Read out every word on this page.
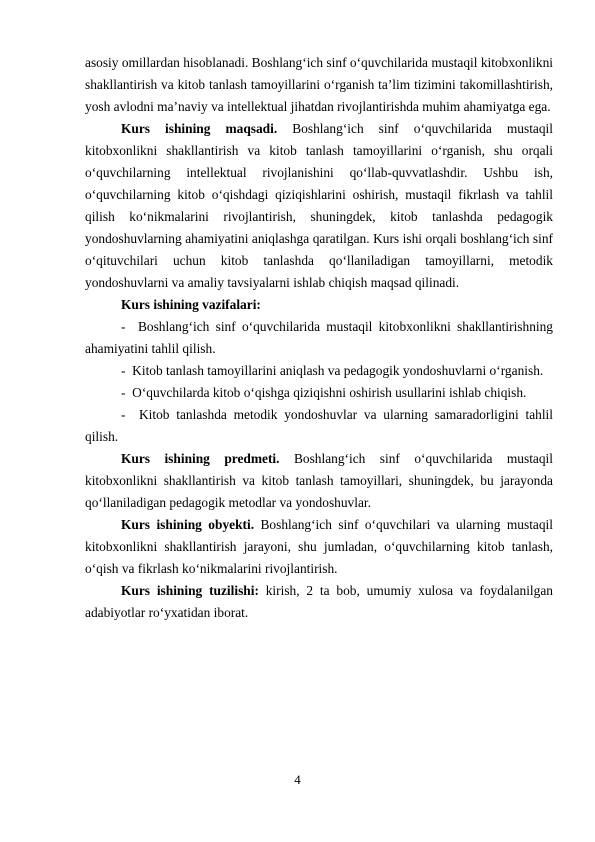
asosiy omillardan hisoblanadi. Boshlang‘ich sinf o‘quvchilarida mustaqil kitobxonlikni shakllantirish va kitob tanlash tamoyillarini o‘rganish ta’lim tizimini takomillashtirish, yosh avlodni ma’naviy va intellektual jihatdan rivojlantirishda muhim ahamiyatga ega.

Kurs ishining maqsadi. Boshlang‘ich sinf o‘quvchilarida mustaqil kitobxonlikni shakllantirish va kitob tanlash tamoyillarini o‘rganish, shu orqali o‘quvchilarning intellektual rivojlanishini qo‘llab-quvvatlashdir. Ushbu ish, o‘quvchilarning kitob o‘qishdagi qiziqishlarini oshirish, mustaqil fikrlash va tahlil qilish ko‘nikmalarini rivojlantirish, shuningdek, kitob tanlashda pedagogik yondoshuvlarning ahamiyatini aniqlashga qaratilgan. Kurs ishi orqali boshlang‘ich sinf o‘qituvchilari uchun kitob tanlashda qo‘llaniladigan tamoyillarni, metodik yondoshuvlarni va amaliy tavsiyalarni ishlab chiqish maqsad qilinadi.

Kurs ishining vazifalari:

- Boshlang‘ich sinf o‘quvchilarida mustaqil kitobxonlikni shakllantirishning ahamiyatini tahlil qilish.

- Kitob tanlash tamoyillarini aniqlash va pedagogik yondoshuvlarni o‘rganish.

- O‘quvchilarda kitob o‘qishga qiziqishni oshirish usullarini ishlab chiqish.

- Kitob tanlashda metodik yondoshuvlar va ularning samaradorligini tahlil qilish.

Kurs ishining predmeti. Boshlang‘ich sinf o‘quvchilarida mustaqil kitobxonlikni shakllantirish va kitob tanlash tamoyillari, shuningdek, bu jarayonda qo‘llaniladigan pedagogik metodlar va yondoshuvlar.

Kurs ishining obyekti. Boshlang‘ich sinf o‘quvchilari va ularning mustaqil kitobxonlikni shakllantirish jarayoni, shu jumladan, o‘quvchilarning kitob tanlash, o‘qish va fikrlash ko‘nikmalarini rivojlantirish.

Kurs ishining tuzilishi: kirish, 2 ta bob, umumiy xulosa va foydalanilgan adabiyotlar ro‘yxatidan iborat.

4
